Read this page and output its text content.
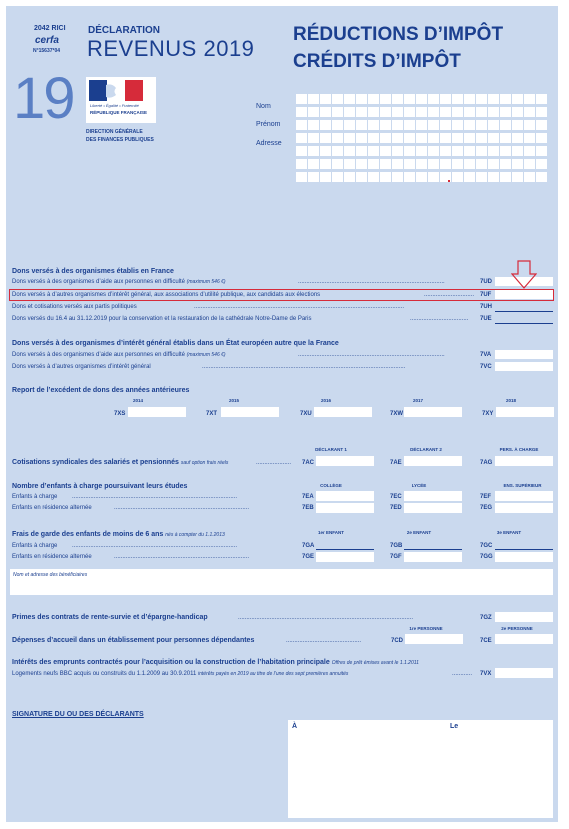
2042 RICI
cerfa
N°15637*04
19
DÉCLARATION
REVENUS 2019
Liberté • Égalité • Fraternité
RÉPUBLIQUE FRANÇAISE
DIRECTION GÉNÉRALE
DES FINANCES PUBLIQUES
RÉDUCTIONS D’IMPÔT
CRÉDITS D’IMPÔT
Nom
Prénom
Adresse
Dons versés à des organismes établis en France
Dons versés à des organismes d’aide aux personnes en difficulté (maximum 546 €)	........................................................................................	7UD
Dons versés à d’autres organismes d’intérêt général, aux associations d’utilité publique, aux candidats aux élections	.............................. 7UF
Dons et cotisations versés aux partis politiques	..............................................................................................................................	7UH
Dons versés du 16.4 au 31.12.2019 pour la conservation et la restauration de la cathédrale Notre-Dame de Paris	...................................	7UE
Dons versés à des organismes d’intérêt général établis dans un État européen autre que la France
Dons versés à des organismes d’aide aux personnes en difficulté (maximum 546 €)	........................................................................................	7VA
Dons versés à d’autres organismes d’intérêt général	..........................................................................................................................	7VC
Report de l’excédent de dons des années antérieures
2014	2015	2016	2017	2018
7XS	7XT	7XU	7XW	7XY
DÉCLARANT 1	DÉCLARANT 2	PERS. À CHARGE
Cotisations syndicales des salariés et pensionnés sauf option frais réels	.....................	7AC	7AE	7AG
Nombre d’enfants à charge poursuivant leurs études	COLLÈGE	LYCÉE	ENS. SUPÉRIEUR
Enfants à charge ...................................................................................................	7EA	7EC	7EF
Enfants en résidence alternée	.................................................................................	7EB	7ED	7EG
Frais de garde des enfants de moins de 6 ans nés à compter du 1.1.2013	1er ENFANT	2e ENFANT	3e ENFANT
Enfants à charge ...................................................................................................	7GA	7GB	7GC
Enfants en résidence alternée	.................................................................................	7GE	7GF	7GG
Nom et adresse des bénéficiaires
Primes des contrats de rente-survie et d’épargne-handicap	.........................................................................................................	7GZ
1re PERSONNE	2e PERSONNE
Dépenses d’accueil dans un établissement pour personnes dépendantes	.............................................	7CD	7CE
Intérêts des emprunts contractés pour l’acquisition ou la construction de l’habitation principale Offres de prêt émises avant le 1.1.2011
Logements neufs BBC acquis ou construits du 1.1.2009 au 30.9.2011 intérêts payés en 2019 au titre de l’une des sept premières annuités	............	7VX
SIGNATURE DU OU DES DÉCLARANTS
À	Le
